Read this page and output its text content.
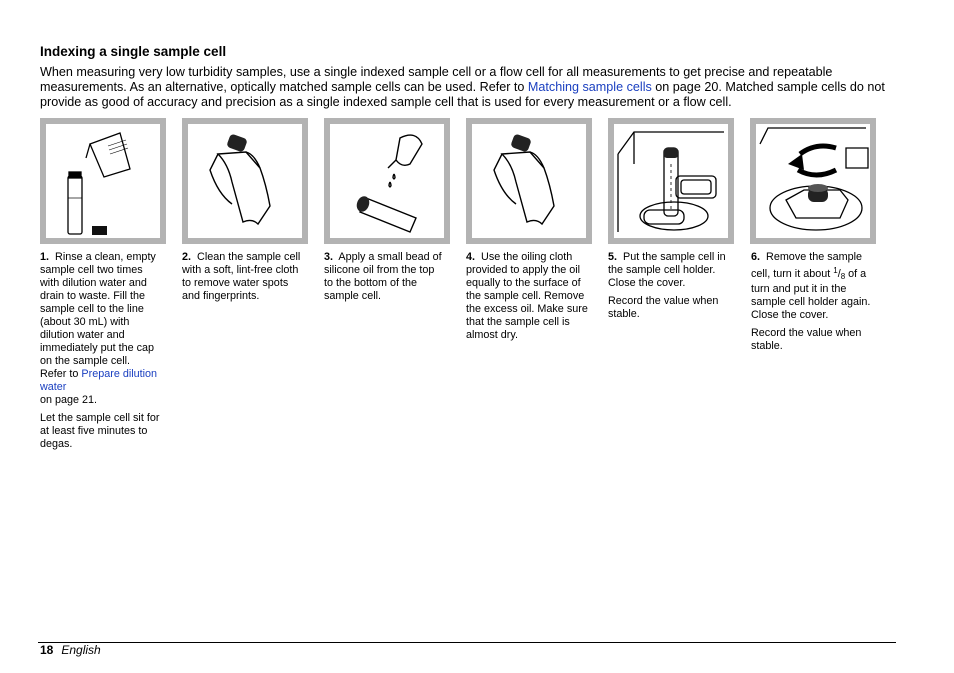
Indexing a single sample cell
When measuring very low turbidity samples, use a single indexed sample cell or a flow cell for all measurements to get precise and repeatable measurements. As an alternative, optically matched sample cells can be used. Refer to Matching sample cells on page 20. Matched sample cells do not provide as good of accuracy and precision as a single indexed sample cell that is used for every measurement or a flow cell.

1. Rinse a clean, empty sample cell two times with dilution water and drain to waste. Fill the sample cell to the line (about 30 mL) with dilution water and immediately put the cap on the sample cell.
Refer to Prepare dilution water
on page 21.

Let the sample cell sit for at least five minutes to degas.

2. Clean the sample cell with a soft, lint-free cloth to remove water spots and fingerprints.

3. Apply a small bead of silicone oil from the top to the bottom of the sample cell.

4. Use the oiling cloth provided to apply the oil equally to the surface of the sample cell. Remove the excess oil. Make sure that the sample cell is almost dry.

5. Put the sample cell in the sample cell holder. Close the cover.

Record the value when stable.

6. Remove the sample cell, turn it about $^1/_8$ of a turn and put it in the sample cell holder again. Close the cover.

Record the value when stable.

18 English
